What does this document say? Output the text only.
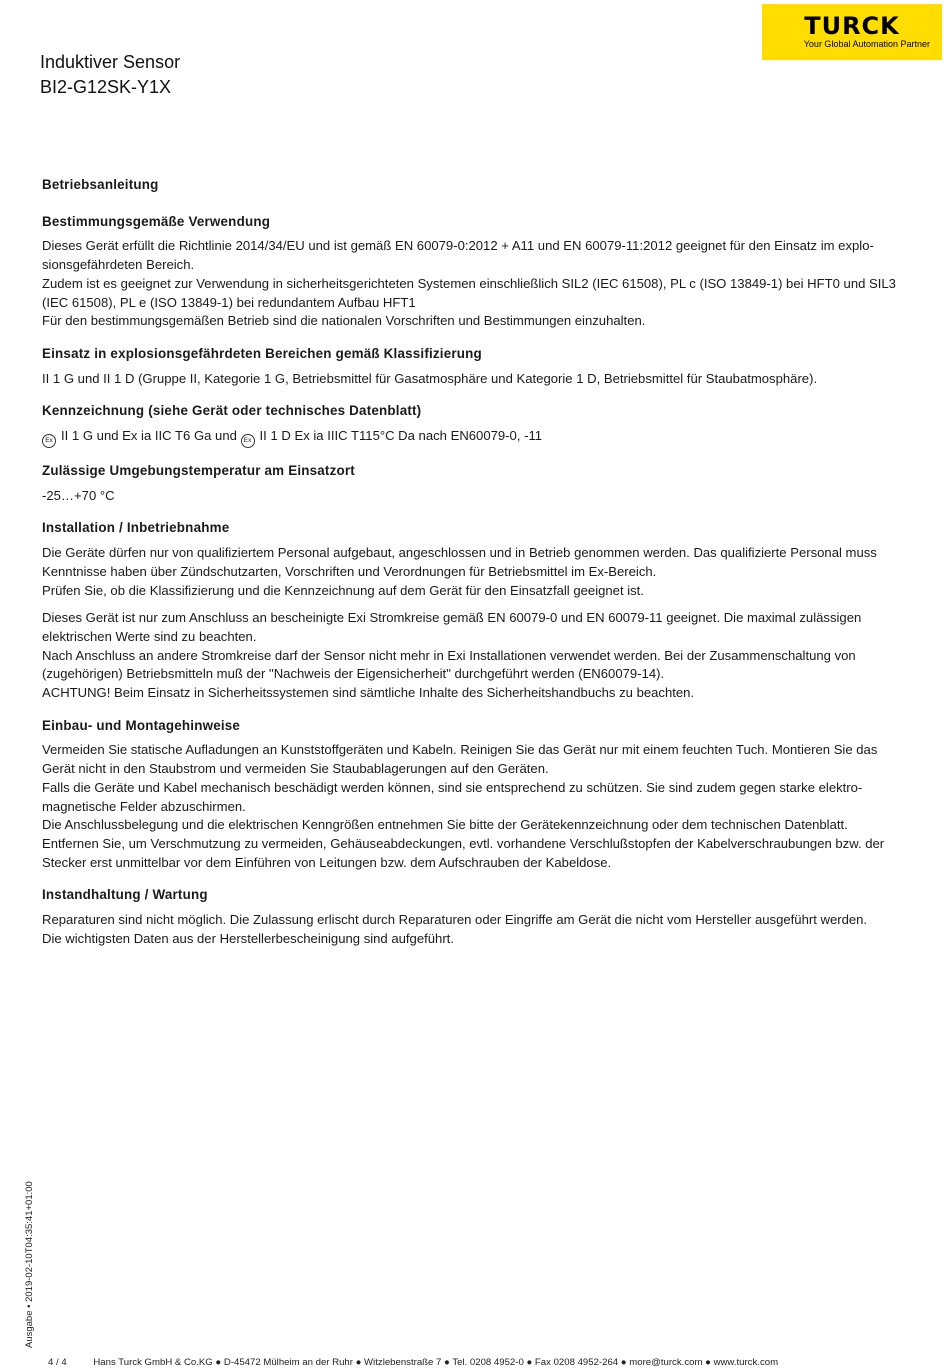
TURCK
Your Global Automation Partner
Induktiver Sensor
BI2-G12SK-Y1X
Betriebsanleitung
Bestimmungsgemäße Verwendung

Dieses Gerät erfüllt die Richtlinie 2014/34/EU und ist gemäß EN 60079-0:2012 + A11 und EN 60079-11:2012 geeignet für den Einsatz im explo-sionsgefährdeten Bereich.

Zudem ist es geeignet zur Verwendung in sicherheitsgerichteten Systemen einschließlich SIL2 (IEC 61508), PL c (ISO 13849-1) bei HFT0 und SIL3 (IEC 61508), PL e (ISO 13849-1) bei redundantem Aufbau HFT1

Für den bestimmungsgemäßen Betrieb sind die nationalen Vorschriften und Bestimmungen einzuhalten.

Einsatz in explosionsgefährdeten Bereichen gemäß Klassifizierung

II 1 G und II 1 D (Gruppe II, Kategorie 1 G, Betriebsmittel für Gasatmosphäre und Kategorie 1 D, Betriebsmittel für Staubatmosphäre).

Kennzeichnung (siehe Gerät oder technisches Datenblatt)

Ex II 1 G und Ex ia IIC T6 Ga und Ex II 1 D Ex ia IIIC T115°C Da nach EN60079-0, -11

Zulässige Umgebungstemperatur am Einsatzort

-25…+70 °C

Installation / Inbetriebnahme

Die Geräte dürfen nur von qualifiziertem Personal aufgebaut, angeschlossen und in Betrieb genommen werden. Das qualifizierte Personal muss Kenntnisse haben über Zündschutzarten, Vorschriften und Verordnungen für Betriebsmittel im Ex-Bereich.

Prüfen Sie, ob die Klassifizierung und die Kennzeichnung auf dem Gerät für den Einsatzfall geeignet ist.

Dieses Gerät ist nur zum Anschluss an bescheinigte Exi Stromkreise gemäß EN 60079-0 und EN 60079-11 geeignet. Die maximal zulässigen elektrischen Werte sind zu beachten.

Nach Anschluss an andere Stromkreise darf der Sensor nicht mehr in Exi Installationen verwendet werden. Bei der Zusammenschaltung von (zugehörigen) Betriebsmitteln muß der "Nachweis der Eigensicherheit" durchgeführt werden (EN60079-14).

ACHTUNG! Beim Einsatz in Sicherheitssystemen sind sämtliche Inhalte des Sicherheitshandbuchs zu beachten.

Einbau- und Montagehinweise

Vermeiden Sie statische Aufladungen an Kunststoffgeräten und Kabeln. Reinigen Sie das Gerät nur mit einem feuchten Tuch. Montieren Sie das Gerät nicht in den Staubstrom und vermeiden Sie Staubablagerungen auf den Geräten.

Falls die Geräte und Kabel mechanisch beschädigt werden können, sind sie entsprechend zu schützen. Sie sind zudem gegen starke elektro-magnetische Felder abzuschirmen.

Die Anschlussbelegung und die elektrischen Kenngrößen entnehmen Sie bitte der Gerätekennzeichnung oder dem technischen Datenblatt.

Entfernen Sie, um Verschmutzung zu vermeiden, Gehäuseabdeckungen, evtl. vorhandene Verschlußstopfen der Kabelverschraubungen bzw. der Stecker erst unmittelbar vor dem Einführen von Leitungen bzw. dem Aufschrauben der Kabeldose.

Instandhaltung / Wartung

Reparaturen sind nicht möglich. Die Zulassung erlischt durch Reparaturen oder Eingriffe am Gerät die nicht vom Hersteller ausgeführt werden.

Die wichtigsten Daten aus der Herstellerbescheinigung sind aufgeführt.

Ausgabe • 2019-02-10T04:35:41+01:00
4 / 4	Hans Turck GmbH & Co.KG ● D-45472 Mülheim an der Ruhr ● Witzlebenstraße 7 ● Tel. 0208 4952-0 ● Fax 0208 4952-264 ● more@turck.com ● www.turck.com
